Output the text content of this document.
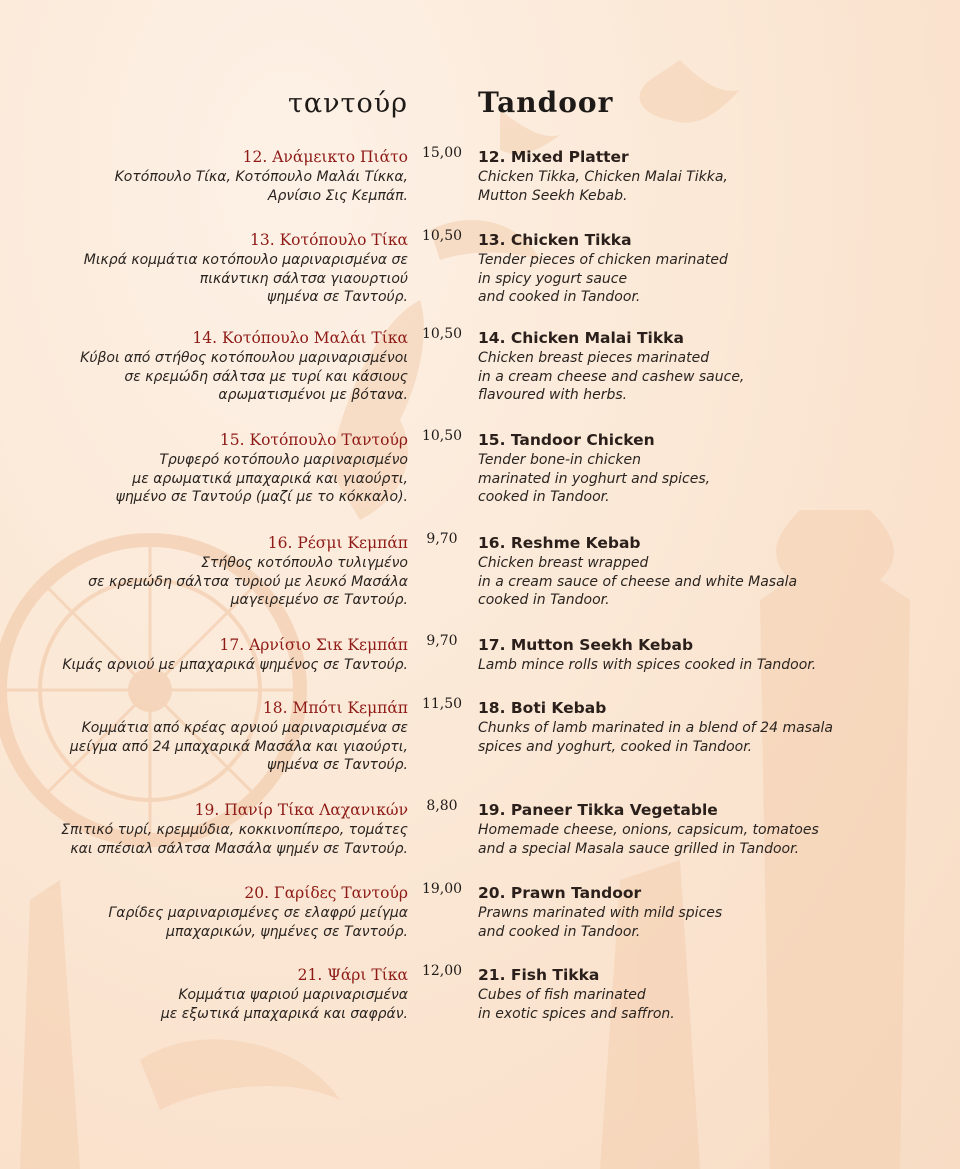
ταντούρ	Tandoor
12. Ανάμεικτο Πιάτο
Κοτόπουλο Τίκα, Κοτόπουλο Μαλάι Τίκκα,
Αρνίσιο Σις Κεμπάπ.
15,00 12. Mixed Platter
Chicken Tikka, Chicken Malai Tikka,
Mutton Seekh Kebab.
13. Κοτόπουλο Τίκα
Μικρά κομμάτια κοτόπουλο μαριναρισμένα σε
πικάντικη σάλτσα γιαουρτιού
ψημένα σε Ταντούρ.
10,50 13. Chicken Tikka
Tender pieces of chicken marinated
in spicy yogurt sauce
and cooked in Tandoor.
14. Κοτόπουλο Μαλάι Τίκα
Κύβοι από στήθος κοτόπουλου μαριναρισμένοι
σε κρεμώδη σάλτσα με τυρί και κάσιους
αρωματισμένοι με βότανα.
10,50 14. Chicken Malai Tikka
Chicken breast pieces marinated
in a cream cheese and cashew sauce,
flavoured with herbs.
15. Κοτόπουλο Ταντούρ
Τρυφερό κοτόπουλο μαριναρισμένο
με αρωματικά μπαχαρικά και γιαούρτι,
ψημένο σε Ταντούρ (μαζί με το κόκκαλο).
10,50 15. Tandoor Chicken
Tender bone-in chicken
marinated in yoghurt and spices,
cooked in Tandoor.
16. Ρέσμι Κεμπάπ
Στήθος κοτόπουλο τυλιγμένο
σε κρεμώδη σάλτσα τυριού με λευκό Μασάλα
μαγειρεμένο σε Ταντούρ.
9,70	16. Reshme Kebab
Chicken breast wrapped
in a cream sauce of cheese and white Masala
cooked in Tandoor.
17. Αρνίσιο Σικ Κεμπάπ
Κιμάς αρνιού με μπαχαρικά ψημένος σε Ταντούρ.
9,70	17. Mutton Seekh Kebab
Lamb mince rolls with spices cooked in Tandoor.
18. Μπότι Κεμπάπ
Κομμάτια από κρέας αρνιού μαριναρισμένα σε
μείγμα από 24 μπαχαρικά Μασάλα και γιαούρτι,
ψημένα σε Ταντούρ.
11,50 18. Boti Kebab
Chunks of lamb marinated in a blend of 24 masala
spices and yoghurt, cooked in Tandoor.
19. Πανίρ Τίκα Λαχανικών
Σπιτικό τυρί, κρεμμύδια, κοκκινοπίπερο, τομάτες
και σπέσιαλ σάλτσα Μασάλα ψημέν σε Ταντούρ.
8,80	19. Paneer Tikka Vegetable
Homemade cheese, onions, capsicum, tomatoes
and a special Masala sauce grilled in Tandoor.
20. Γαρίδες Ταντούρ
Γαρίδες μαριναρισμένες σε ελαφρύ μείγμα
μπαχαρικών, ψημένες σε Ταντούρ.
19,00 20. Prawn Tandoor
Prawns marinated with mild spices
and cooked in Tandoor.
21. Ψάρι Τίκα
Κομμάτια ψαριού μαριναρισμένα
με εξωτικά μπαχαρικά και σαφράν.
12,00 21. Fish Tikka
Cubes of fish marinated
in exotic spices and saffron.
